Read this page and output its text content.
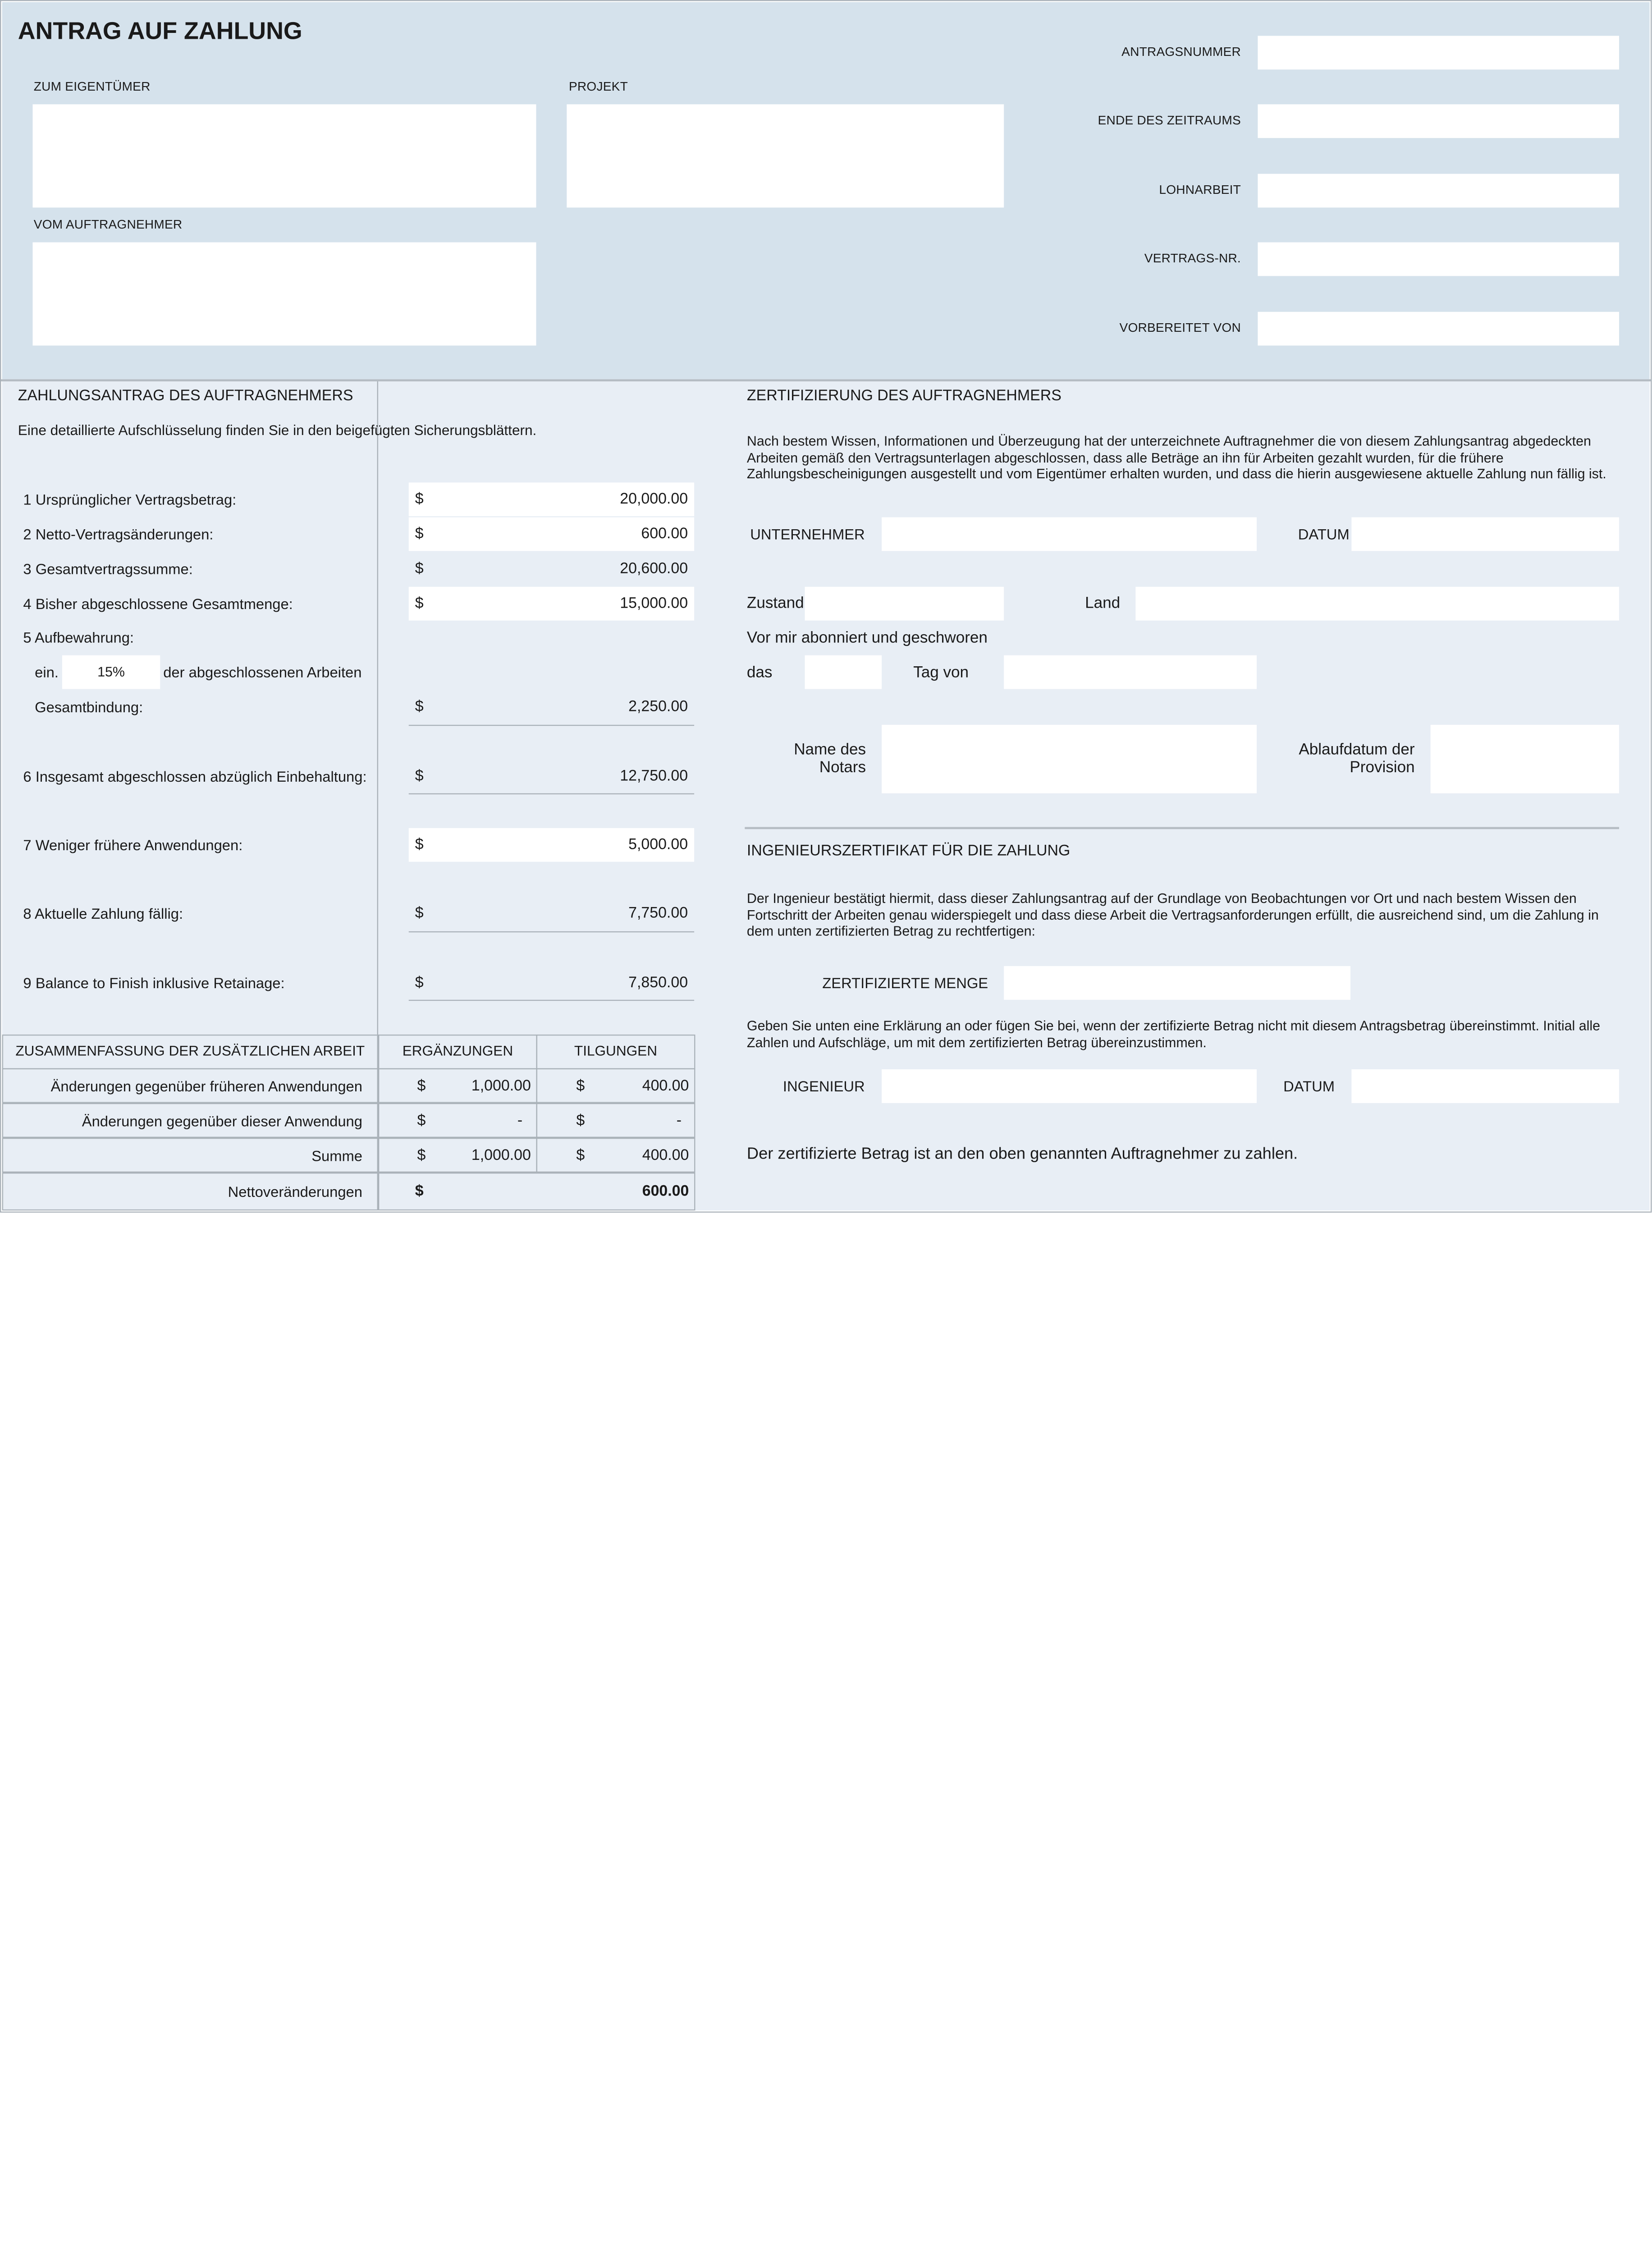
ANTRAG AUF ZAHLUNG
ZUM EIGENTÜMER	PROJEKT
VOM AUFTRAGNEHMER
ANTRAGSNUMMER
ENDE DES ZEITRAUMS
LOHNARBEIT
VERTRAGS-NR.
VORBEREITET VON
ZAHLUNGSANTRAG DES AUFTRAGNEHMERS
Eine detaillierte Aufschlüsselung finden Sie in den beigefügten Sicherungsblättern.
1 Ursprünglicher Vertragsbetrag:	$	20,000.00
2 Netto-Vertragsänderungen:	$	600.00
3 Gesamtvertragssumme:	$	20,600.00
4 Bisher abgeschlossene Gesamtmenge:	$	15,000.00
5 Aufbewahrung:
ein.	15%	der abgeschlossenen Arbeiten
Gesamtbindung:	$	2,250.00
6 Insgesamt abgeschlossen abzüglich Einbehaltung:	$	12,750.00
7 Weniger frühere Anwendungen:	$	5,000.00
8 Aktuelle Zahlung fällig:	$	7,750.00
9 Balance to Finish inklusive Retainage:	$	7,850.00
ZUSAMMENFASSUNG DER ZUSÄTZLICHEN ARBEIT	ERGÄNZUNGEN	TILGUNGEN
Änderungen gegenüber früheren Anwendungen	$	1,000.00	$	400.00
Änderungen gegenüber dieser Anwendung	$	-	$	-
Summe	$	1,000.00	$	400.00
Nettoveränderungen	$	600.00
ZERTIFIZIERUNG DES AUFTRAGNEHMERS
Nach bestem Wissen, Informationen und Überzeugung hat der unterzeichnete Auftragnehmer die von diesem Zahlungsantrag abgedeckten Arbeiten gemäß den Vertragsunterlagen abgeschlossen, dass alle Beträge an ihn für Arbeiten gezahlt wurden, für die frühere Zahlungsbescheinigungen ausgestellt und vom Eigentümer erhalten wurden, und dass die hierin ausgewiesene aktuelle Zahlung nun fällig ist.
UNTERNEHMER	DATUM
Zustand	Land
Vor mir abonniert und geschworen
das	Tag von
Name des Notars
Ablaufdatum der Provision
INGENIEURSZERTIFIKAT FÜR DIE ZAHLUNG
Der Ingenieur bestätigt hiermit, dass dieser Zahlungsantrag auf der Grundlage von Beobachtungen vor Ort und nach bestem Wissen den Fortschritt der Arbeiten genau widerspiegelt und dass diese Arbeit die Vertragsanforderungen erfüllt, die ausreichend sind, um die Zahlung in dem unten zertifizierten Betrag zu rechtfertigen:
ZERTIFIZIERTE MENGE
Geben Sie unten eine Erklärung an oder fügen Sie bei, wenn der zertifizierte Betrag nicht mit diesem Antragsbetrag übereinstimmt. Initial alle Zahlen und Aufschläge, um mit dem zertifizierten Betrag übereinzustimmen.
INGENIEUR	DATUM
Der zertifizierte Betrag ist an den oben genannten Auftragnehmer zu zahlen.
